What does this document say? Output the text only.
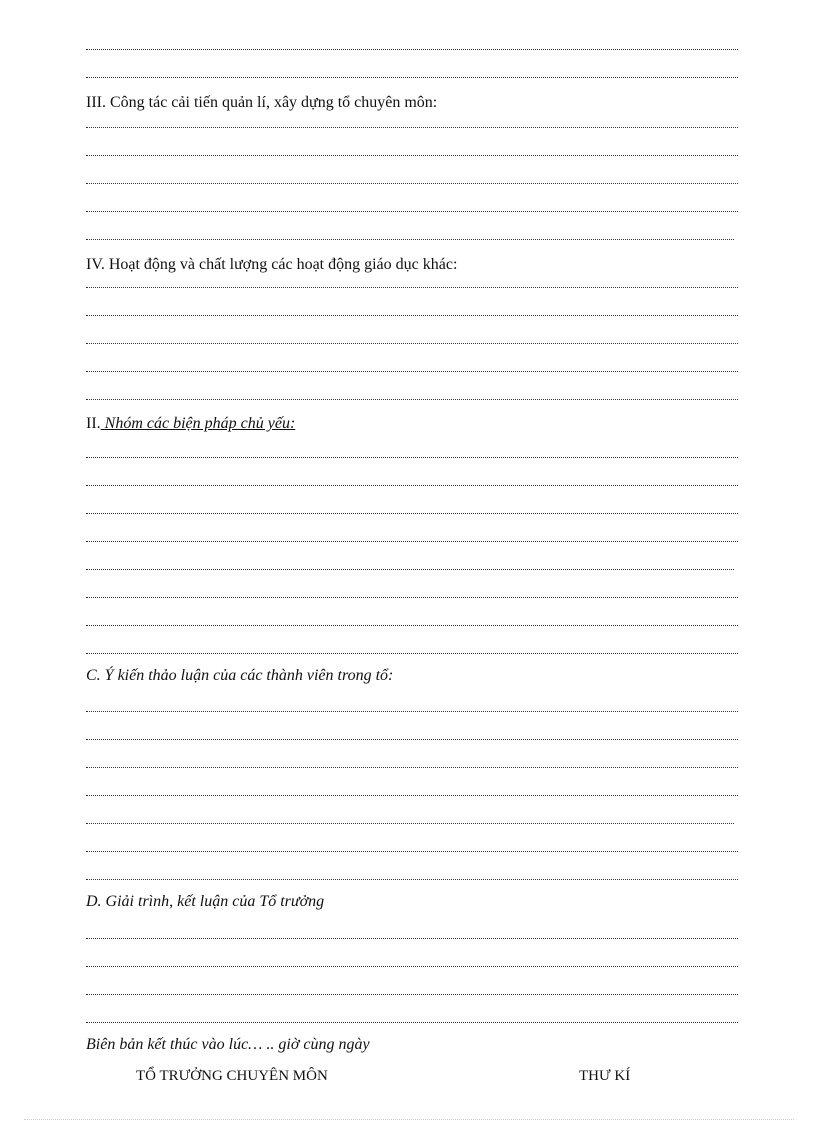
III. Công tác cải tiến quản lí, xây dựng tổ chuyên môn:
IV. Hoạt động và chất lượng các hoạt động giáo dục khác:
II. Nhóm các biện pháp chủ yếu:
C. Ý kiến thảo luận của các thành viên trong tổ:
D. Giải trình, kết luận của Tổ trưởng
Biên bản kết thúc vào lúc… .. giờ cùng ngày
TỔ TRƯỞNG CHUYÊN MÔN	THƯ KÍ
